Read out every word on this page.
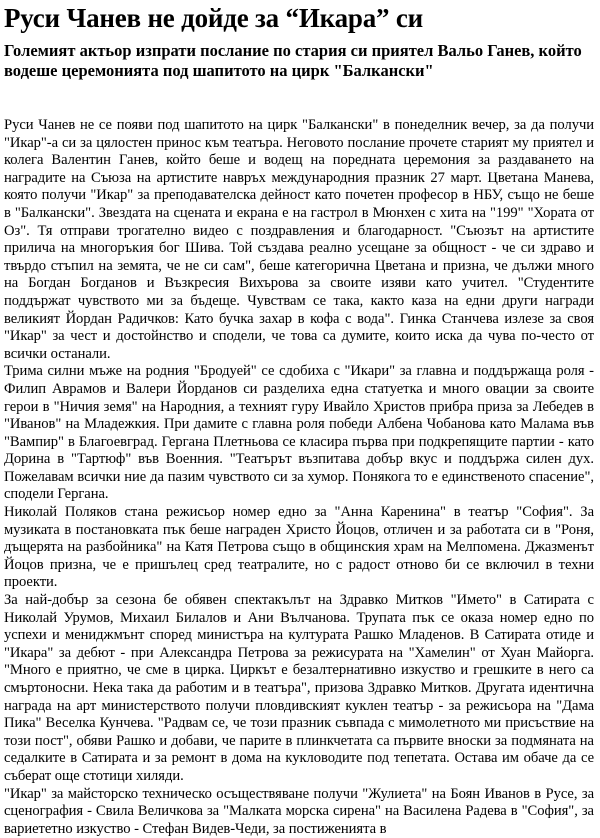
Руси Чанев не дойде за “Икара” си
Големият актьор изпрати послание по стария си приятел Вальо Ганев, който водеше церемонията под шапитото на цирк "Балкански"

Руси Чанев не се появи под шапитото на цирк "Балкански" в понеделник вечер, за да получи "Икар"-а си за цялостен принос към театъра. Неговото послание прочете старият му приятел и колега Валентин Ганев, който беше и водещ на поредната церемония за раздаването на наградите на Съюза на артистите навръх международния празник 27 март. Цветана Манева, която получи "Икар" за преподавателска дейност като почетен професор в НБУ, също не беше в "Балкански". Звездата на сцената и екрана е на гастрол в Мюнхен с хита на "199" "Хората от Оз". Тя отправи трогателно видео с поздравления и благодарност. "Съюзът на артистите прилича на многоръкия бог Шива. Той създава реално усещане за общност - че си здраво и твърдо стъпил на земята, че не си сам", беше категорична Цветана и призна, че дължи много на Богдан Богданов и Възкресия Вихърова за своите изяви като учител. "Студентите поддържат чувството ми за бъдеще. Чувствам се така, както каза на едни други награди великият Йордан Радичков: Като бучка захар в кофа с вода". Гинка Станчева излезе за своя "Икар" за чест и достойнство и сподели, че това са думите, които иска да чува по-често от всички останали.

Трима силни мъже на родния "Бродуей" се сдобиха с "Икари" за главна и поддържаща роля - Филип Аврамов и Валери Йорданов си разделиха една статуетка и много овации за своите герои в "Ничия земя" на Народния, а техният гуру Ивайло Христов прибра приза за Лебедев в "Иванов" на Младежкия. При дамите с главна роля победи Албена Чобанова като Малама във "Вампир" в Благоевград. Гергана Плетньова се класира първа при подкрепящите партии - като Дорина в "Тартюф" във Военния. "Театърът възпитава добър вкус и поддържа силен дух. Пожелавам всички ние да пазим чувството си за хумор. Понякога то е единственото спасение", сподели Гергана.

Николай Поляков стана режисьор номер едно за "Анна Каренина" в театър "София". За музиката в постановката пък беше награден Христо Йоцов, отличен и за работата си в "Роня, дъщерята на разбойника" на Катя Петрова също в общинския храм на Мелпомена. Джазменът Йоцов призна, че е пришълец сред театралите, но с радост отново би се включил в техни проекти.

За най-добър за сезона бе обявен спектакълът на Здравко Митков "Името" в Сатирата с Николай Урумов, Михаил Билалов и Ани Вълчанова. Трупата пък се оказа номер едно по успехи и мениджмънт според министъра на културата Рашко Младенов. В Сатирата отиде и "Икара" за дебют - при Александра Петрова за режисурата на "Хамелин" от Хуан Майорга. "Много е приятно, че сме в цирка. Циркът е безалтернативно изкуство и грешките в него са смъртоносни. Нека така да работим и в театъра", призова Здравко Митков. Другата идентична награда на арт министерството получи пловдивският куклен театър - за режисьора на "Дама Пика" Веселка Кунчева. "Радвам се, че този празник съвпада с мимолетното ми присъствие на този пост", обяви Рашко и добави, че парите в плинкчетата са първите вноски за подмяната на седалките в Сатирата и за ремонт в дома на кукловодите под тепетата. Остава им обаче да се съберат още стотици хиляди.

"Икар" за майсторско техническо осъществяване получи "Жулиета" на Боян Иванов в Русе, за сценография - Свила Величкова за "Малката морска сирена" на Василена Радева в "София", за вариететно изкуство - Стефан Видев-Чеди, за постиженията в
